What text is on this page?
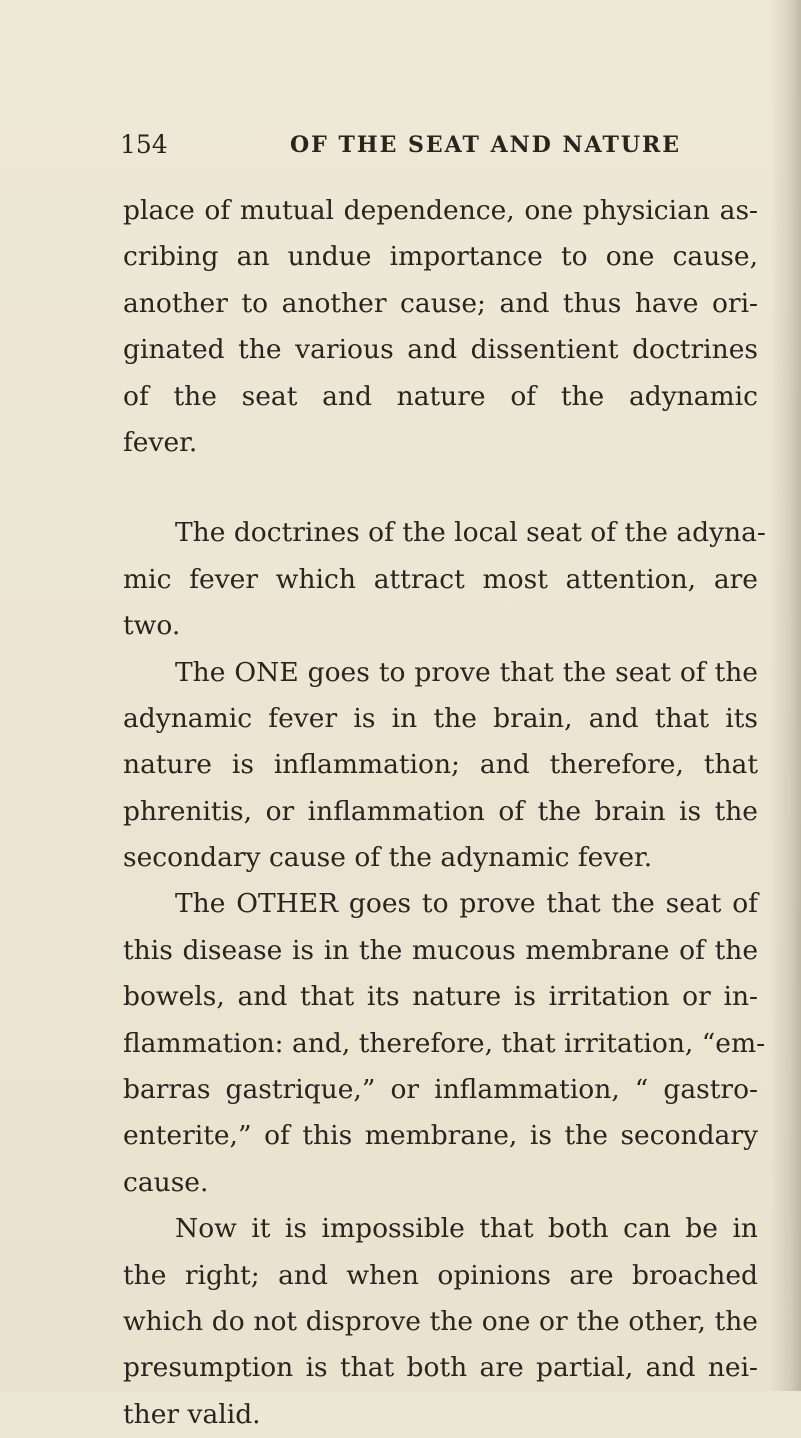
154	OF THE SEAT AND NATURE
place of mutual dependence, one physician as-
cribing an undue importance to one cause,
another to another cause; and thus have ori-
ginated the various and dissentient doctrines
of the seat and nature of the adynamic
fever.
The doctrines of the local seat of the adyna-
mic fever which attract most attention, are
two.
The ONE goes to prove that the seat of the
adynamic fever is in the brain, and that its
nature is inflammation; and therefore, that
phrenitis, or inflammation of the brain is the
secondary cause of the adynamic fever.
The OTHER goes to prove that the seat of
this disease is in the mucous membrane of the
bowels, and that its nature is irritation or in-
flammation: and, therefore, that irritation, “em-
barras gastrique,” or inflammation, “ gastro-
enterite,” of this membrane, is the secondary
cause.
Now it is impossible that both can be in
the right; and when opinions are broached
which do not disprove the one or the other, the
presumption is that both are partial, and nei-
ther valid.
